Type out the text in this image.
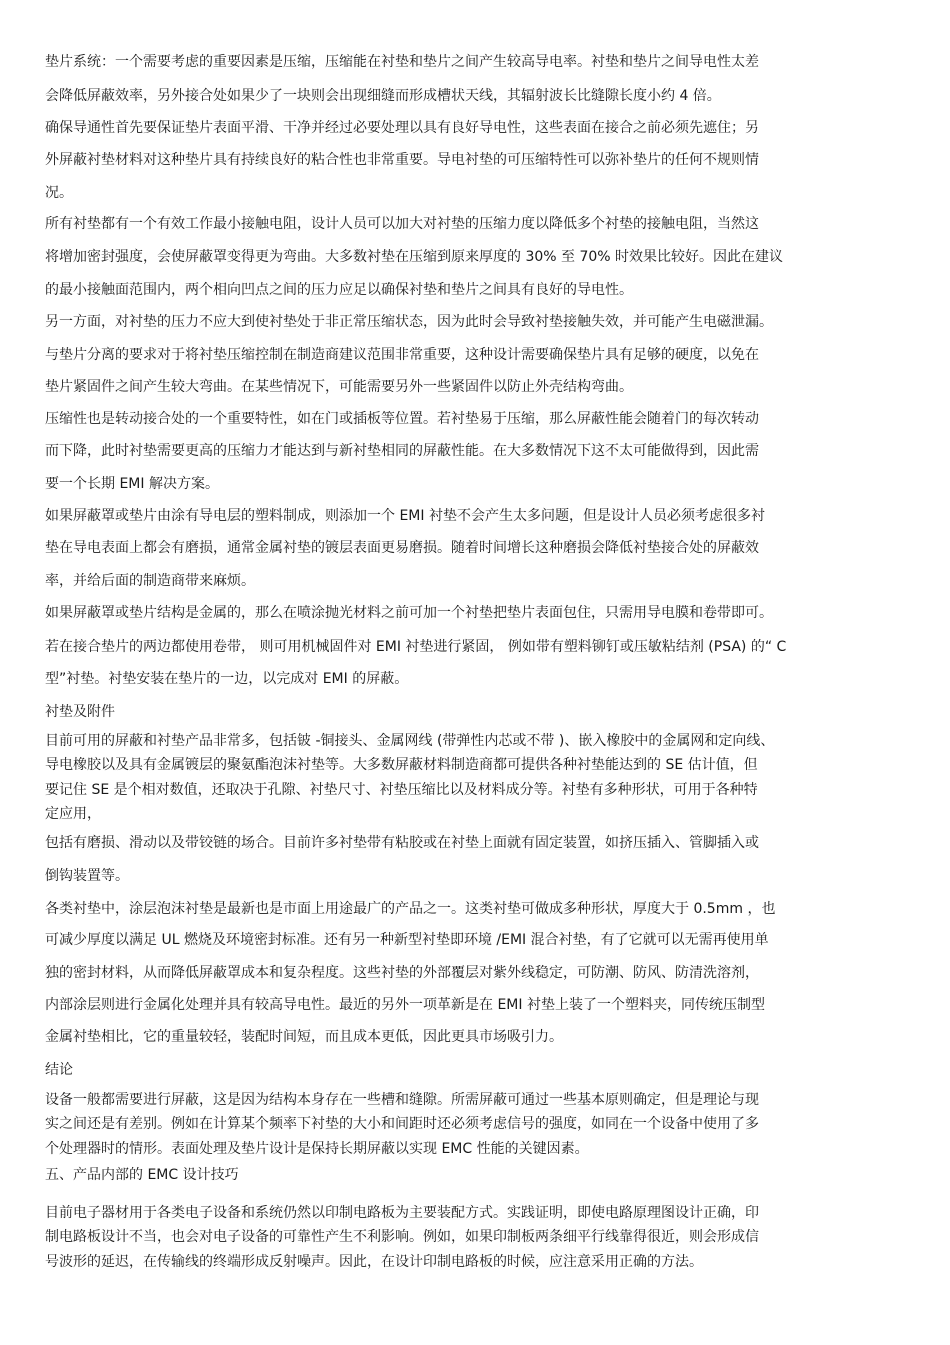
垫片系统：一个需要考虑的重要因素是压缩，压缩能在衬垫和垫片之间产生较高导电率。衬垫和垫片之间导电性太差

会降低屏蔽效率，另外接合处如果少了一块则会出现细缝而形成槽状天线，其辐射波长比缝隙长度小约 4 倍。

确保导通性首先要保证垫片表面平滑、干净并经过必要处理以具有良好导电性，这些表面在接合之前必须先遮住；另

外屏蔽衬垫材料对这种垫片具有持续良好的粘合性也非常重要。导电衬垫的可压缩特性可以弥补垫片的任何不规则情

况。

所有衬垫都有一个有效工作最小接触电阻，设计人员可以加大对衬垫的压缩力度以降低多个衬垫的接触电阻，当然这

将增加密封强度，会使屏蔽罩变得更为弯曲。大多数衬垫在压缩到原来厚度的 30% 至 70% 时效果比较好。因此在建议

的最小接触面范围内，两个相向凹点之间的压力应足以确保衬垫和垫片之间具有良好的导电性。

另一方面，对衬垫的压力不应大到使衬垫处于非正常压缩状态，因为此时会导致衬垫接触失效，并可能产生电磁泄漏。

与垫片分离的要求对于将衬垫压缩控制在制造商建议范围非常重要，这种设计需要确保垫片具有足够的硬度，以免在

垫片紧固件之间产生较大弯曲。在某些情况下，可能需要另外一些紧固件以防止外壳结构弯曲。

压缩性也是转动接合处的一个重要特性，如在门或插板等位置。若衬垫易于压缩，那么屏蔽性能会随着门的每次转动

而下降，此时衬垫需要更高的压缩力才能达到与新衬垫相同的屏蔽性能。在大多数情况下这不太可能做得到，因此需

要一个长期 EMI 解决方案。

如果屏蔽罩或垫片由涂有导电层的塑料制成，则添加一个 EMI 衬垫不会产生太多问题，但是设计人员必须考虑很多衬

垫在导电表面上都会有磨损，通常金属衬垫的镀层表面更易磨损。随着时间增长这种磨损会降低衬垫接合处的屏蔽效

率，并给后面的制造商带来麻烦。

如果屏蔽罩或垫片结构是金属的，那么在喷涂抛光材料之前可加一个衬垫把垫片表面包住，只需用导电膜和卷带即可。

若在接合垫片的两边都使用卷带， 则可用机械固件对 EMI 衬垫进行紧固， 例如带有塑料铆钉或压敏粘结剂 (PSA) 的“ C

型”衬垫。衬垫安装在垫片的一边，以完成对 EMI 的屏蔽。

衬垫及附件

目前可用的屏蔽和衬垫产品非常多，包括铍 -铜接头、金属网线 (带弹性内芯或不带 )、嵌入橡胶中的金属网和定向线、

导电橡胶以及具有金属镀层的聚氨酯泡沫衬垫等。大多数屏蔽材料制造商都可提供各种衬垫能达到的 SE 估计值，但

要记住 SE 是个相对数值，还取决于孔隙、衬垫尺寸、衬垫压缩比以及材料成分等。衬垫有多种形状，可用于各种特

定应用，

包括有磨损、滑动以及带铰链的场合。目前许多衬垫带有粘胶或在衬垫上面就有固定装置，如挤压插入、管脚插入或

倒钩装置等。

各类衬垫中，涂层泡沫衬垫是最新也是市面上用途最广的产品之一。这类衬垫可做成多种形状，厚度大于 0.5mm ，也

可减少厚度以满足 UL 燃烧及环境密封标准。还有另一种新型衬垫即环境 /EMI 混合衬垫，有了它就可以无需再使用单

独的密封材料，从而降低屏蔽罩成本和复杂程度。这些衬垫的外部覆层对紫外线稳定，可防潮、防风、防清洗溶剂，

内部涂层则进行金属化处理并具有较高导电性。最近的另外一项革新是在 EMI 衬垫上装了一个塑料夹，同传统压制型

金属衬垫相比，它的重量较轻，装配时间短，而且成本更低，因此更具市场吸引力。

结论

设备一般都需要进行屏蔽，这是因为结构本身存在一些槽和缝隙。所需屏蔽可通过一些基本原则确定，但是理论与现

实之间还是有差别。例如在计算某个频率下衬垫的大小和间距时还必须考虑信号的强度，如同在一个设备中使用了多

个处理器时的情形。表面处理及垫片设计是保持长期屏蔽以实现 EMC 性能的关键因素。

五、产品内部的 EMC 设计技巧

目前电子器材用于各类电子设备和系统仍然以印制电路板为主要装配方式。实践证明，即使电路原理图设计正确，印

制电路板设计不当，也会对电子设备的可靠性产生不利影响。例如，如果印制板两条细平行线靠得很近，则会形成信

号波形的延迟，在传输线的终端形成反射噪声。因此，在设计印制电路板的时候，应注意采用正确的方法。
